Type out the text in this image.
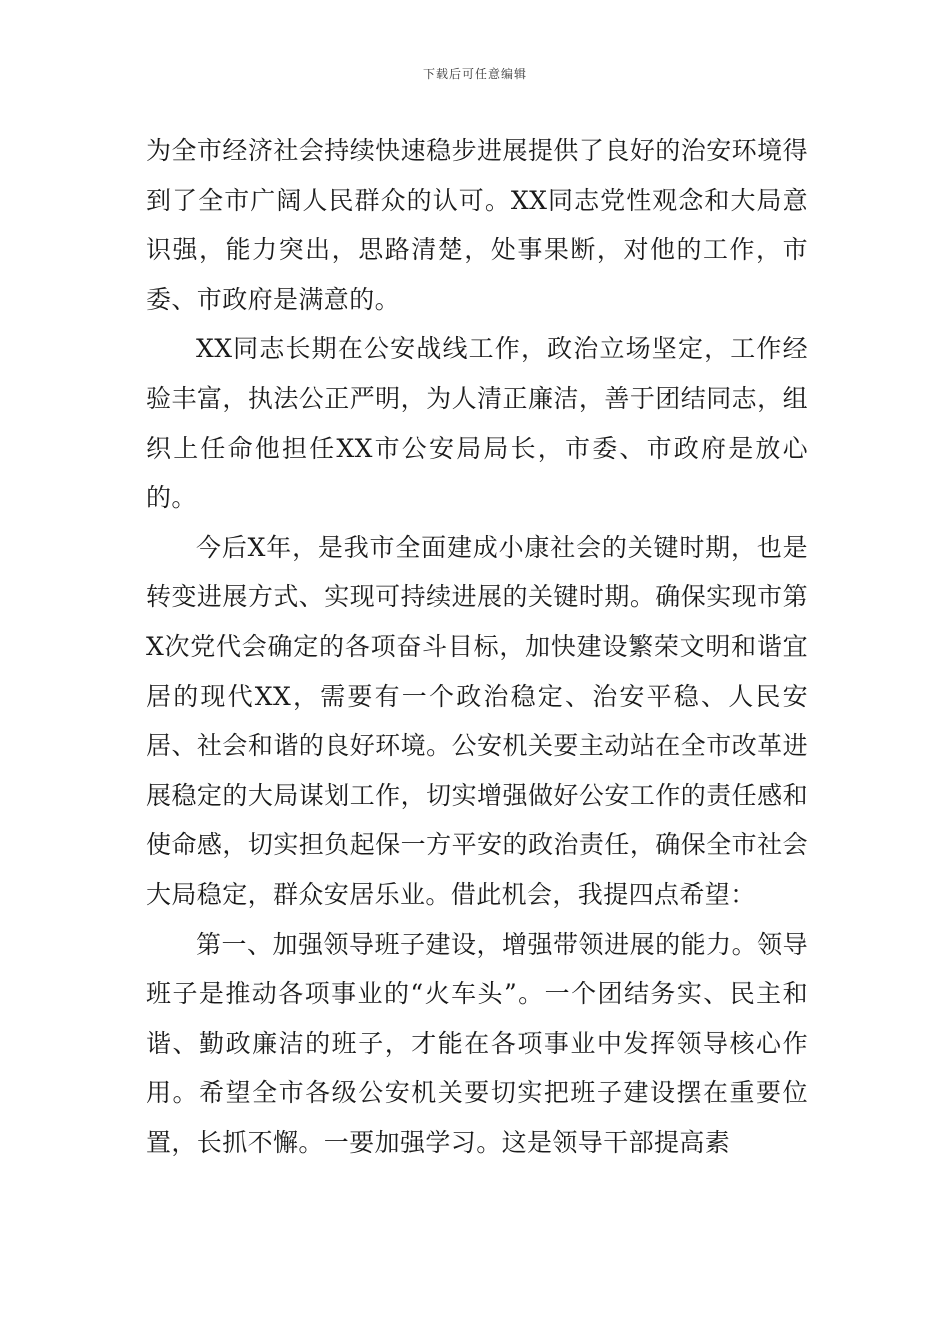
下载后可任意编辑

为全市经济社会持续快速稳步进展提供了良好的治安环境得到了全市广阔人民群众的认可。XX同志党性观念和大局意识强，能力突出，思路清楚，处事果断，对他的工作，市委、市政府是满意的。

XX同志长期在公安战线工作，政治立场坚定，工作经验丰富，执法公正严明，为人清正廉洁，善于团结同志，组织上任命他担任XX市公安局局长，市委、市政府是放心的。

今后X年，是我市全面建成小康社会的关键时期，也是转变进展方式、实现可持续进展的关键时期。确保实现市第X次党代会确定的各项奋斗目标，加快建设繁荣文明和谐宜居的现代XX，需要有一个政治稳定、治安平稳、人民安居、社会和谐的良好环境。公安机关要主动站在全市改革进展稳定的大局谋划工作，切实增强做好公安工作的责任感和使命感，切实担负起保一方平安的政治责任，确保全市社会大局稳定，群众安居乐业。借此机会，我提四点希望：

第一、加强领导班子建设，增强带领进展的能力。领导班子是推动各项事业的“火车头”。一个团结务实、民主和谐、勤政廉洁的班子，才能在各项事业中发挥领导核心作用。希望全市各级公安机关要切实把班子建设摆在重要位置，长抓不懈。一要加强学习。这是领导干部提高素
